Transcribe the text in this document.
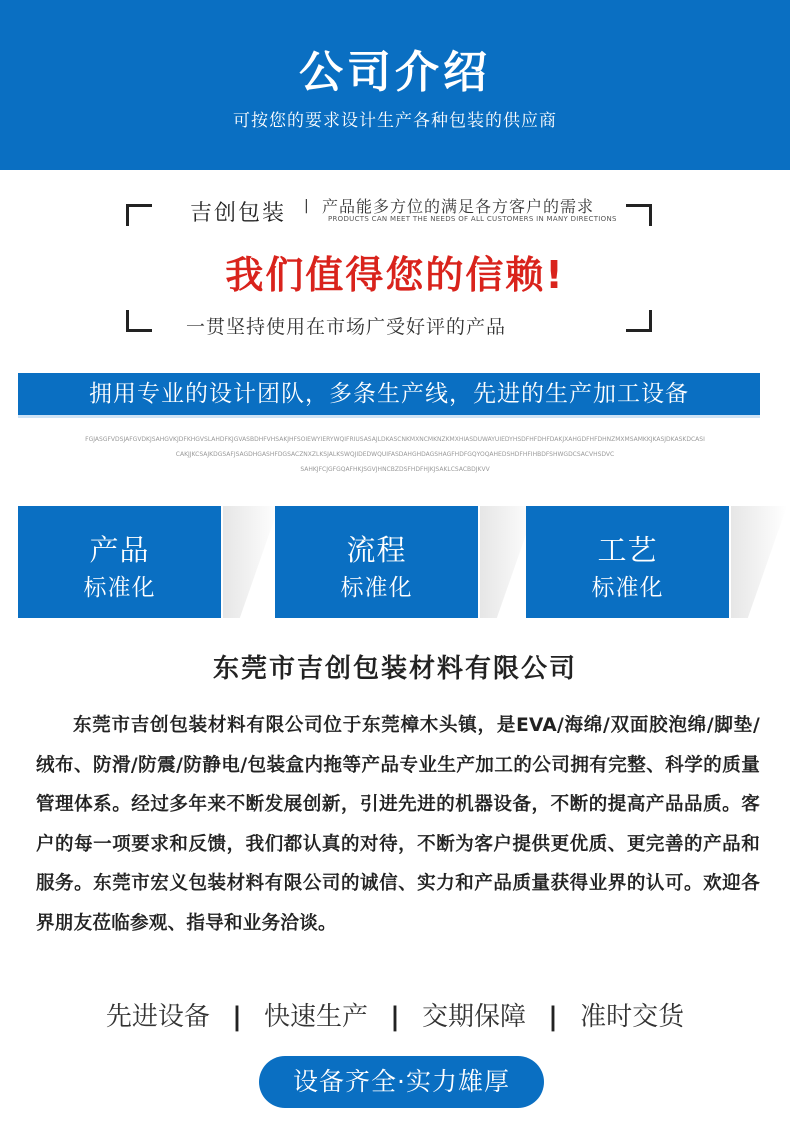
公司介绍
可按您的要求设计生产各种包装的供应商
吉创包装 | 产品能多方位的满足各方客户的需求
PRODUCTS CAN MEET THE NEEDS OF ALL CUSTOMERS IN MANY DIRECTIONS
我们值得您的信赖!
一贯坚持使用在市场广受好评的产品
拥用专业的设计团队，多条生产线，先进的生产加工设备
FGJASGFVDSJAFGVDKJSAHGVKJDFKHGVSLAHDFKJGVASBDHFVHSAKJHFSOIEWYIERYWQIFRIUSASAJLDKASCNKMXNCMKNZKMXHIASDUWAYUIEDYHSDFHFDHFDAKJXAHGDFHFDHNZMXMSAMKKJKASJDKASKDCASI
CAKJJKCSAJKDGSAFJSAGDHGASHFDGSACZNXZLKSJALKSWQJIDEDWQUIFASDAHGHDAGSHAGFHDFGQYOQAHEDSHDFHFIHBDFSHWGDCSACVHSDVC
SAHKJFCJGFGQAFHKJSGVJHNCBZDSFHDFHJKJSAKLCSACBDJKVV
产品
标准化
流程
标准化
工艺
标准化
东莞市吉创包装材料有限公司

东莞市吉创包装材料有限公司位于东莞樟木头镇，是EVA/海绵/双面胶泡绵/脚垫/绒布、防滑/防震/防静电/包装盒内拖等产品专业生产加工的公司拥有完整、科学的质量管理体系。经过多年来不断发展创新，引进先进的机器设备，不断的提高产品品质。客户的每一项要求和反馈，我们都认真的对待，不断为客户提供更优质、更完善的产品和服务。东莞市宏义包装材料有限公司的诚信、实力和产品质量获得业界的认可。欢迎各界朋友莅临参观、指导和业务洽谈。

先进设备 | 快速生产 | 交期保障 | 准时交货
设备齐全·实力雄厚
